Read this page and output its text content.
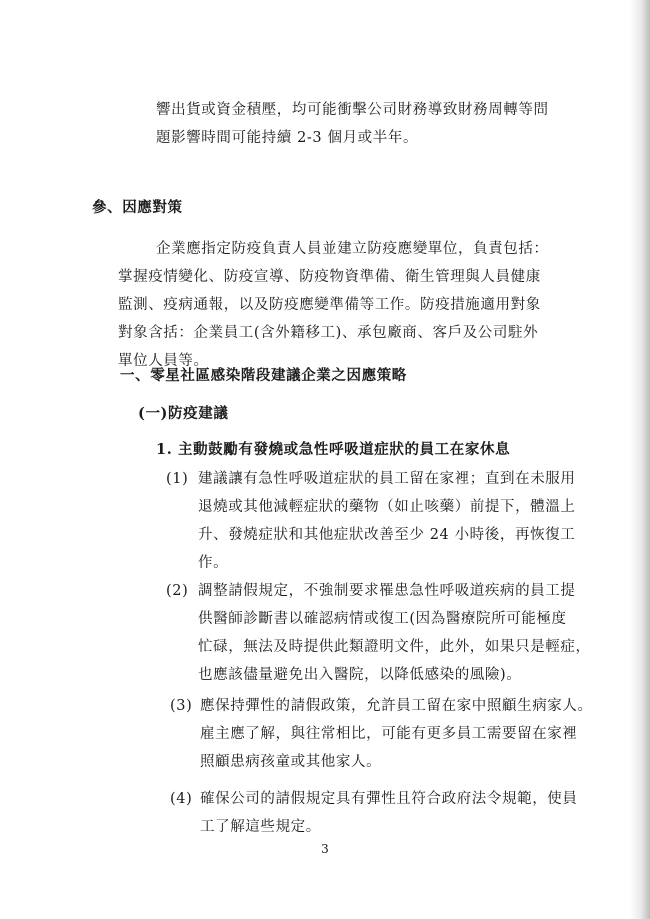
響出貨或資金積壓，均可能衝擊公司財務導致財務周轉等問
題影響時間可能持續 2-3 個月或半年。
參、因應對策
企業應指定防疫負責人員並建立防疫應變單位，負責包括：
掌握疫情變化、防疫宣導、防疫物資準備、衛生管理與人員健康
監測、疫病通報，以及防疫應變準備等工作。防疫措施適用對象
對象含括：企業員工(含外籍移工)、承包廠商、客戶及公司駐外
單位人員等。
一、零星社區感染階段建議企業之因應策略
(一)防疫建議
1. 主動鼓勵有發燒或急性呼吸道症狀的員工在家休息
(1) 建議讓有急性呼吸道症狀的員工留在家裡；直到在未服用
退燒或其他減輕症狀的藥物（如止咳藥）前提下，體溫上
升、發燒症狀和其他症狀改善至少 24 小時後，再恢復工
作。
(2) 調整請假規定，不強制要求罹患急性呼吸道疾病的員工提
供醫師診斷書以確認病情或復工(因為醫療院所可能極度
忙碌，無法及時提供此類證明文件，此外，如果只是輕症，
也應該儘量避免出入醫院，以降低感染的風險)。
(3) 應保持彈性的請假政策，允許員工留在家中照顧生病家人。
雇主應了解，與往常相比，可能有更多員工需要留在家裡
照顧患病孩童或其他家人。
(4) 確保公司的請假規定具有彈性且符合政府法令規範，使員
工了解這些規定。
3
